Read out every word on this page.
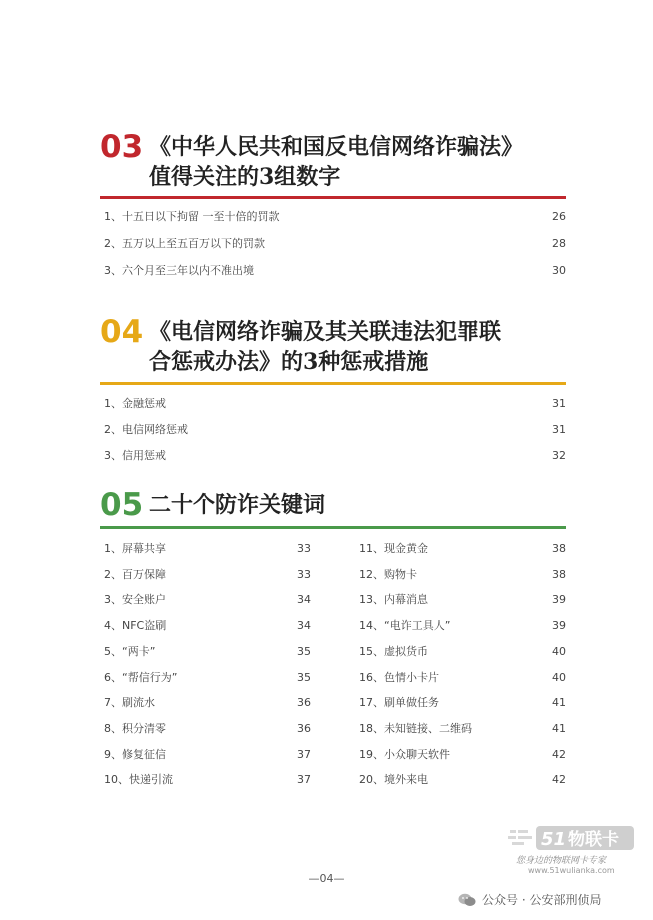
03 《中华人民共和国反电信网络诈骗法》
值得关注的3组数字
1、十五日以下拘留 一至十倍的罚款	26
2、五万以上至五百万以下的罚款	28
3、六个月至三年以内不准出境	30
04 《电信网络诈骗及其关联违法犯罪联
合惩戒办法》的3种惩戒措施
1、金融惩戒	31
2、电信网络惩戒	31
3、信用惩戒	32
05 二十个防诈关键词
1、屏幕共享	33
2、百万保障	33
3、安全账户	34
4、NFC盗刷	34
5、“两卡”	35
6、“帮信行为”	35
7、刷流水	36
8、积分清零	36
9、修复征信	37
10、快递引流	37
11、现金黄金	38
12、购物卡	38
13、内幕消息	39
14、“电诈工具人”	39
15、虚拟货币	40
16、色情小卡片	40
17、刷单做任务	41
18、未知链接、二维码	41
19、小众聊天软件	42
20、境外来电	42
—04—
51 物联卡
您身边的物联网卡专家
www.51wulianka.com
公众号 · 公安部刑侦局
